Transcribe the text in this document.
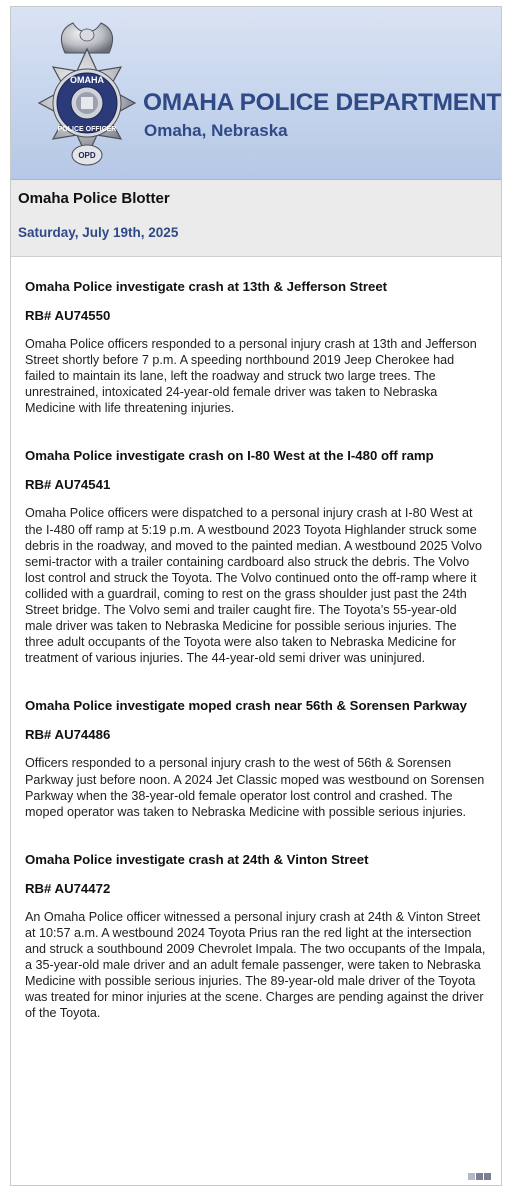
OMAHA
POLICE OFFICER
OPD
OMAHA POLICE DEPARTMENT
Omaha, Nebraska
Omaha Police Blotter
Saturday, July 19th, 2025

Omaha Police investigate crash at 13th & Jefferson Street

RB# AU74550

Omaha Police officers responded to a personal injury crash at 13th and Jefferson Street shortly before 7 p.m. A speeding northbound 2019 Jeep Cherokee had failed to maintain its lane, left the roadway and struck two large trees. The unrestrained, intoxicated 24-year-old female driver was taken to Nebraska Medicine with life threatening injuries.

Omaha Police investigate crash on I-80 West at the I-480 off ramp

RB# AU74541

Omaha Police officers were dispatched to a personal injury crash at I-80 West at the I-480 off ramp at 5:19 p.m. A westbound 2023 Toyota Highlander struck some debris in the roadway, and moved to the painted median. A westbound 2025 Volvo semi-tractor with a trailer containing cardboard also struck the debris. The Volvo lost control and struck the Toyota. The Volvo continued onto the off-ramp where it collided with a guardrail, coming to rest on the grass shoulder just past the 24th Street bridge. The Volvo semi and trailer caught fire. The Toyota’s 55-year-old male driver was taken to Nebraska Medicine for possible serious injuries. The three adult occupants of the Toyota were also taken to Nebraska Medicine for treatment of various injuries. The 44-year-old semi driver was uninjured.

Omaha Police investigate moped crash near 56th & Sorensen Parkway

RB# AU74486

Officers responded to a personal injury crash to the west of 56th & Sorensen Parkway just before noon. A 2024 Jet Classic moped was westbound on Sorensen Parkway when the 38-year-old female operator lost control and crashed. The moped operator was taken to Nebraska Medicine with possible serious injuries.

Omaha Police investigate crash at 24th & Vinton Street

RB# AU74472

An Omaha Police officer witnessed a personal injury crash at 24th & Vinton Street at 10:57 a.m. A westbound 2024 Toyota Prius ran the red light at the intersection and struck a southbound 2009 Chevrolet Impala. The two occupants of the Impala, a 35-year-old male driver and an adult female passenger, were taken to Nebraska Medicine with possible serious injuries. The 89-year-old male driver of the Toyota was treated for minor injuries at the scene. Charges are pending against the driver of the Toyota.
